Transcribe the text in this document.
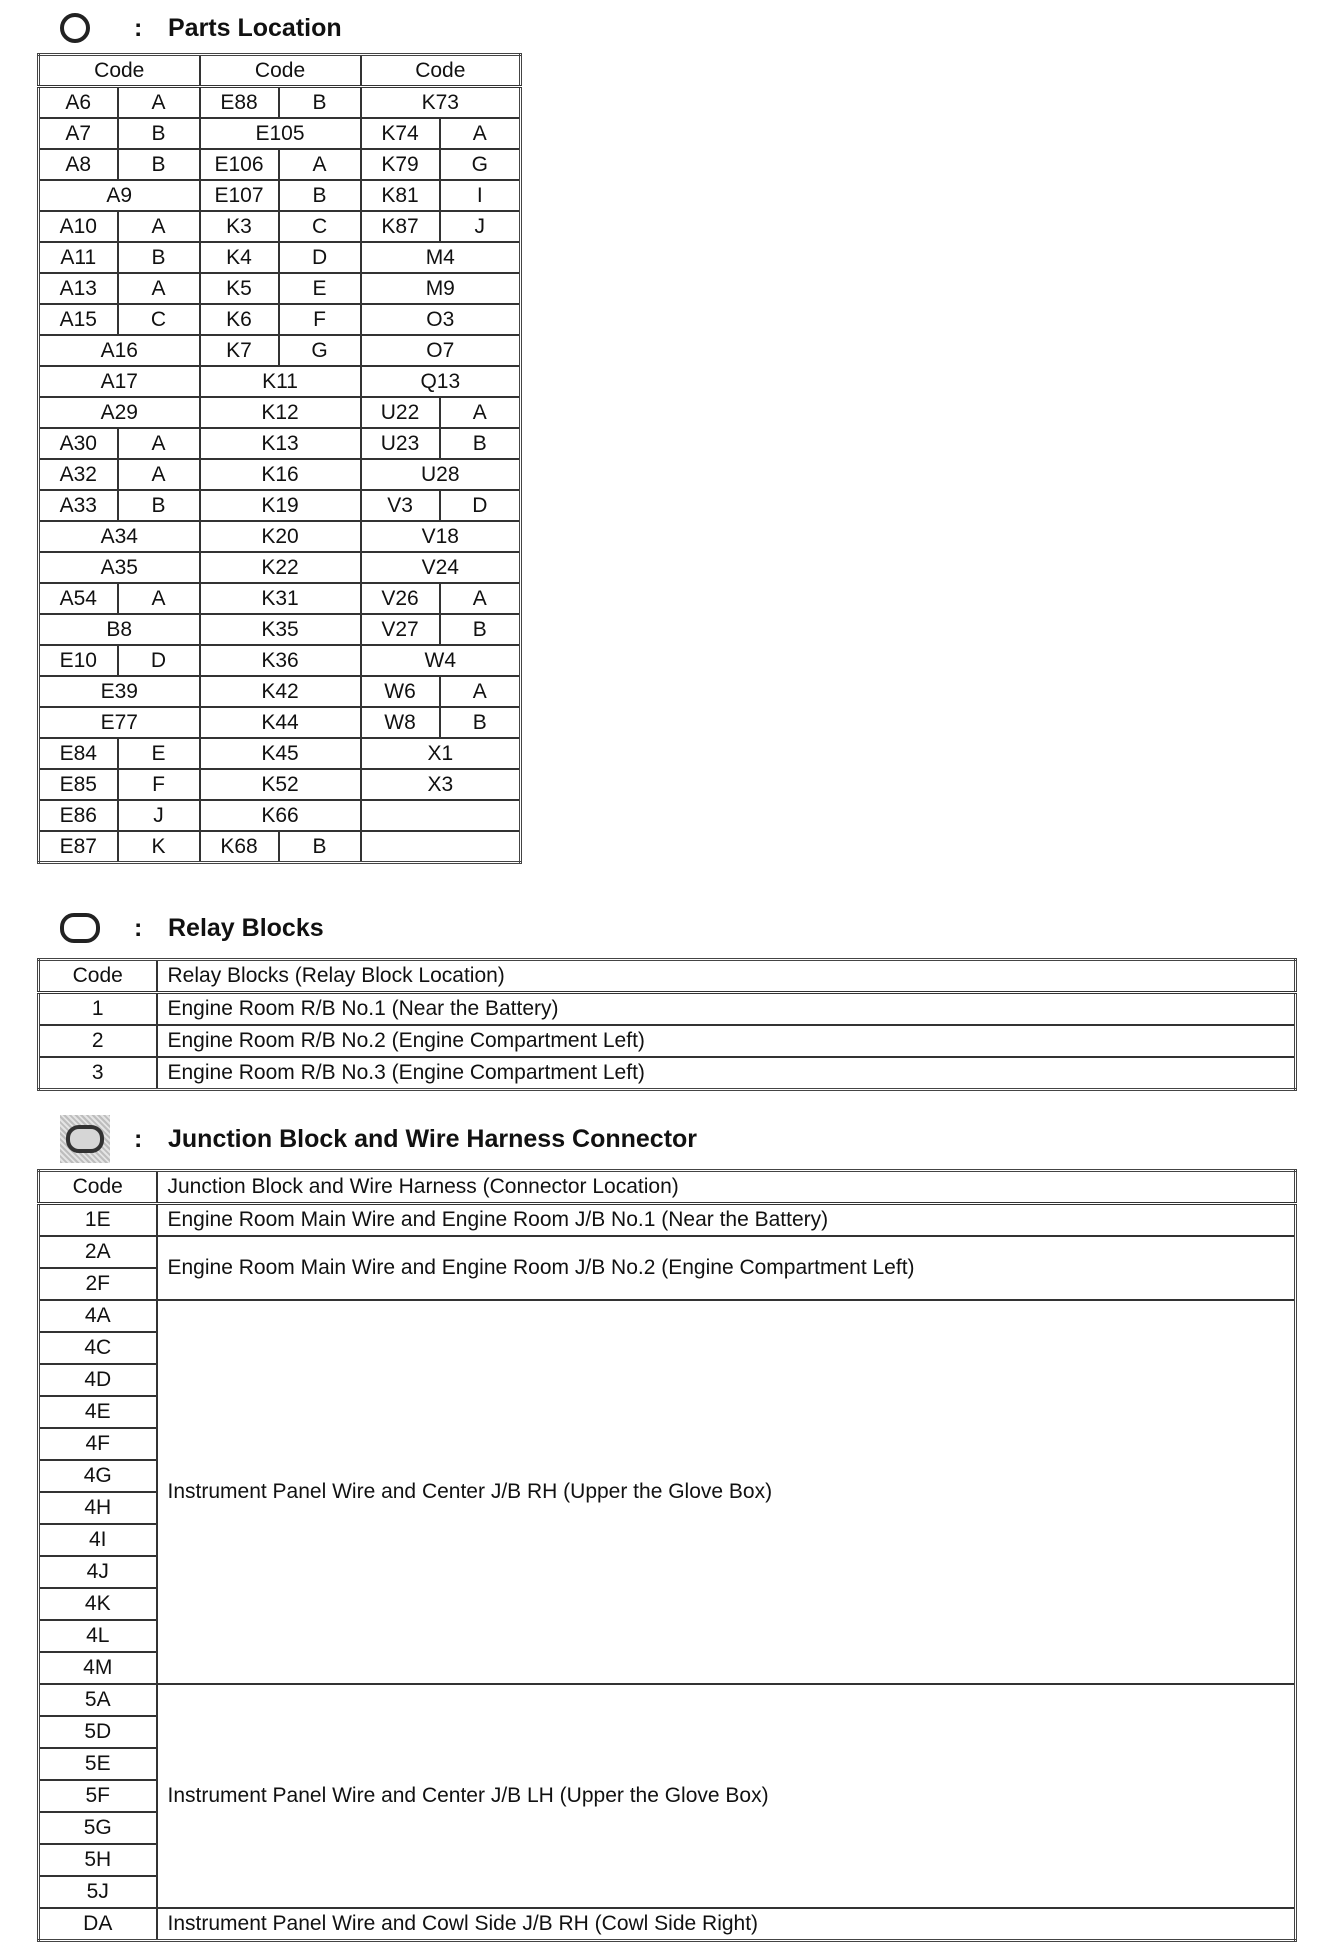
:	Parts Location
Code		Code		Code	
A6	A	E88	B	K73	
A7	B	E105		K74	A
A8	B	E106	A	K79	G
A9		E107	B	K81	I
A10	A	K3	C	K87	J
A11	B	K4	D	M4	
A13	A	K5	E	M9	
A15	C	K6	F	O3	
A16		K7	G	O7	
A17		K11		Q13	
A29		K12		U22	A
A30	A	K13		U23	B
A32	A	K16		U28	
A33	B	K19		V3	D
A34		K20		V18	
A35		K22		V24	
A54	A	K31		V26	A
B8		K35		V27	B
E10	D	K36		W4	
E39		K42		W6	A
E77		K44		W8	B
E84	E	K45		X1	
E85	F	K52		X3	
E86	J	K66			
E87	K	K68	B		
:	Relay Blocks
Code	Relay Blocks (Relay Block Location)
1	Engine Room R/B No.1 (Near the Battery)
2	Engine Room R/B No.2 (Engine Compartment Left)
3	Engine Room R/B No.3 (Engine Compartment Left)
:	Junction Block and Wire Harness Connector
Code	Junction Block and Wire Harness (Connector Location)
1E	Engine Room Main Wire and Engine Room J/B No.1 (Near the Battery)
2A	Engine Room Main Wire and Engine Room J/B No.2 (Engine Compartment Left)
2F	
4A	Instrument Panel Wire and Center J/B RH (Upper the Glove Box)
4C	
4D	
4E	
4F	
4G	
4H	
4I	
4J	
4K	
4L	
4M	
5A	Instrument Panel Wire and Center J/B LH (Upper the Glove Box)
5D	
5E	
5F	
5G	
5H	
5J	
DA	Instrument Panel Wire and Cowl Side J/B RH (Cowl Side Right)
